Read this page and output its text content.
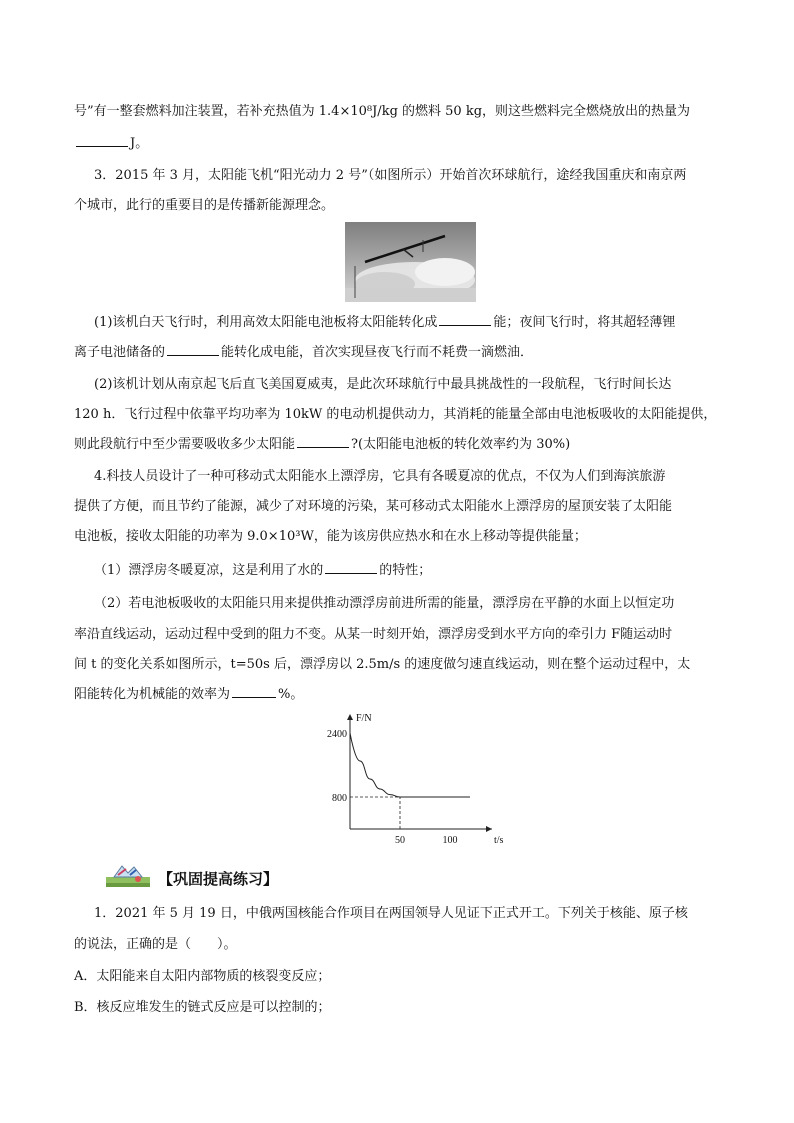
号”有一整套燃料加注装置，若补充热值为 1.4×10⁸J/kg 的燃料 50 kg，则这些燃料完全燃烧放出的热量为
J。
3．2015 年 3 月，太阳能飞机“阳光动力 2 号”（如图所示）开始首次环球航行，途经我国重庆和南京两
个城市，此行的重要目的是传播新能源理念。
(1)该机白天飞行时，利用高效太阳能电池板将太阳能转化成	能；夜间飞行时，将其超轻薄锂
离子电池储备的	能转化成电能，首次实现昼夜飞行而不耗费一滴燃油．
(2)该机计划从南京起飞后直飞美国夏威夷，是此次环球航行中最具挑战性的一段航程，飞行时间长达
120 h．飞行过程中依靠平均功率为 10kW 的电动机提供动力，其消耗的能量全部由电池板吸收的太阳能提供，
则此段航行中至少需要吸收多少太阳能	?(太阳能电池板的转化效率约为 30%)
4.科技人员设计了一种可移动式太阳能水上漂浮房，它具有各暖夏凉的优点，不仅为人们到海滨旅游
提供了方便，而且节约了能源，减少了对环境的污染，某可移动式太阳能水上漂浮房的屋顶安装了太阳能
电池板，接收太阳能的功率为 9.0×10³W，能为该房供应热水和在水上移动等提供能量；
（1）漂浮房冬暖夏凉，这是利用了水的	的特性；
（2）若电池板吸收的太阳能只用来提供推动漂浮房前进所需的能量，漂浮房在平静的水面上以恒定功
率沿直线运动，运动过程中受到的阻力不变。从某一时刻开始，漂浮房受到水平方向的牵引力 F随运动时
间 t 的变化关系如图所示，t=50s 后，漂浮房以 2.5m/s 的速度做匀速直线运动，则在整个运动过程中，太
阳能转化为机械能的效率为	%。
F/N
t/s
800
2400
50	100
【巩固提高练习】
1．2021 年 5 月 19 日，中俄两国核能合作项目在两国领导人见证下正式开工。下列关于核能、原子核
的说法，正确的是（　　）。
A．太阳能来自太阳内部物质的核裂变反应；
B．核反应堆发生的链式反应是可以控制的；
